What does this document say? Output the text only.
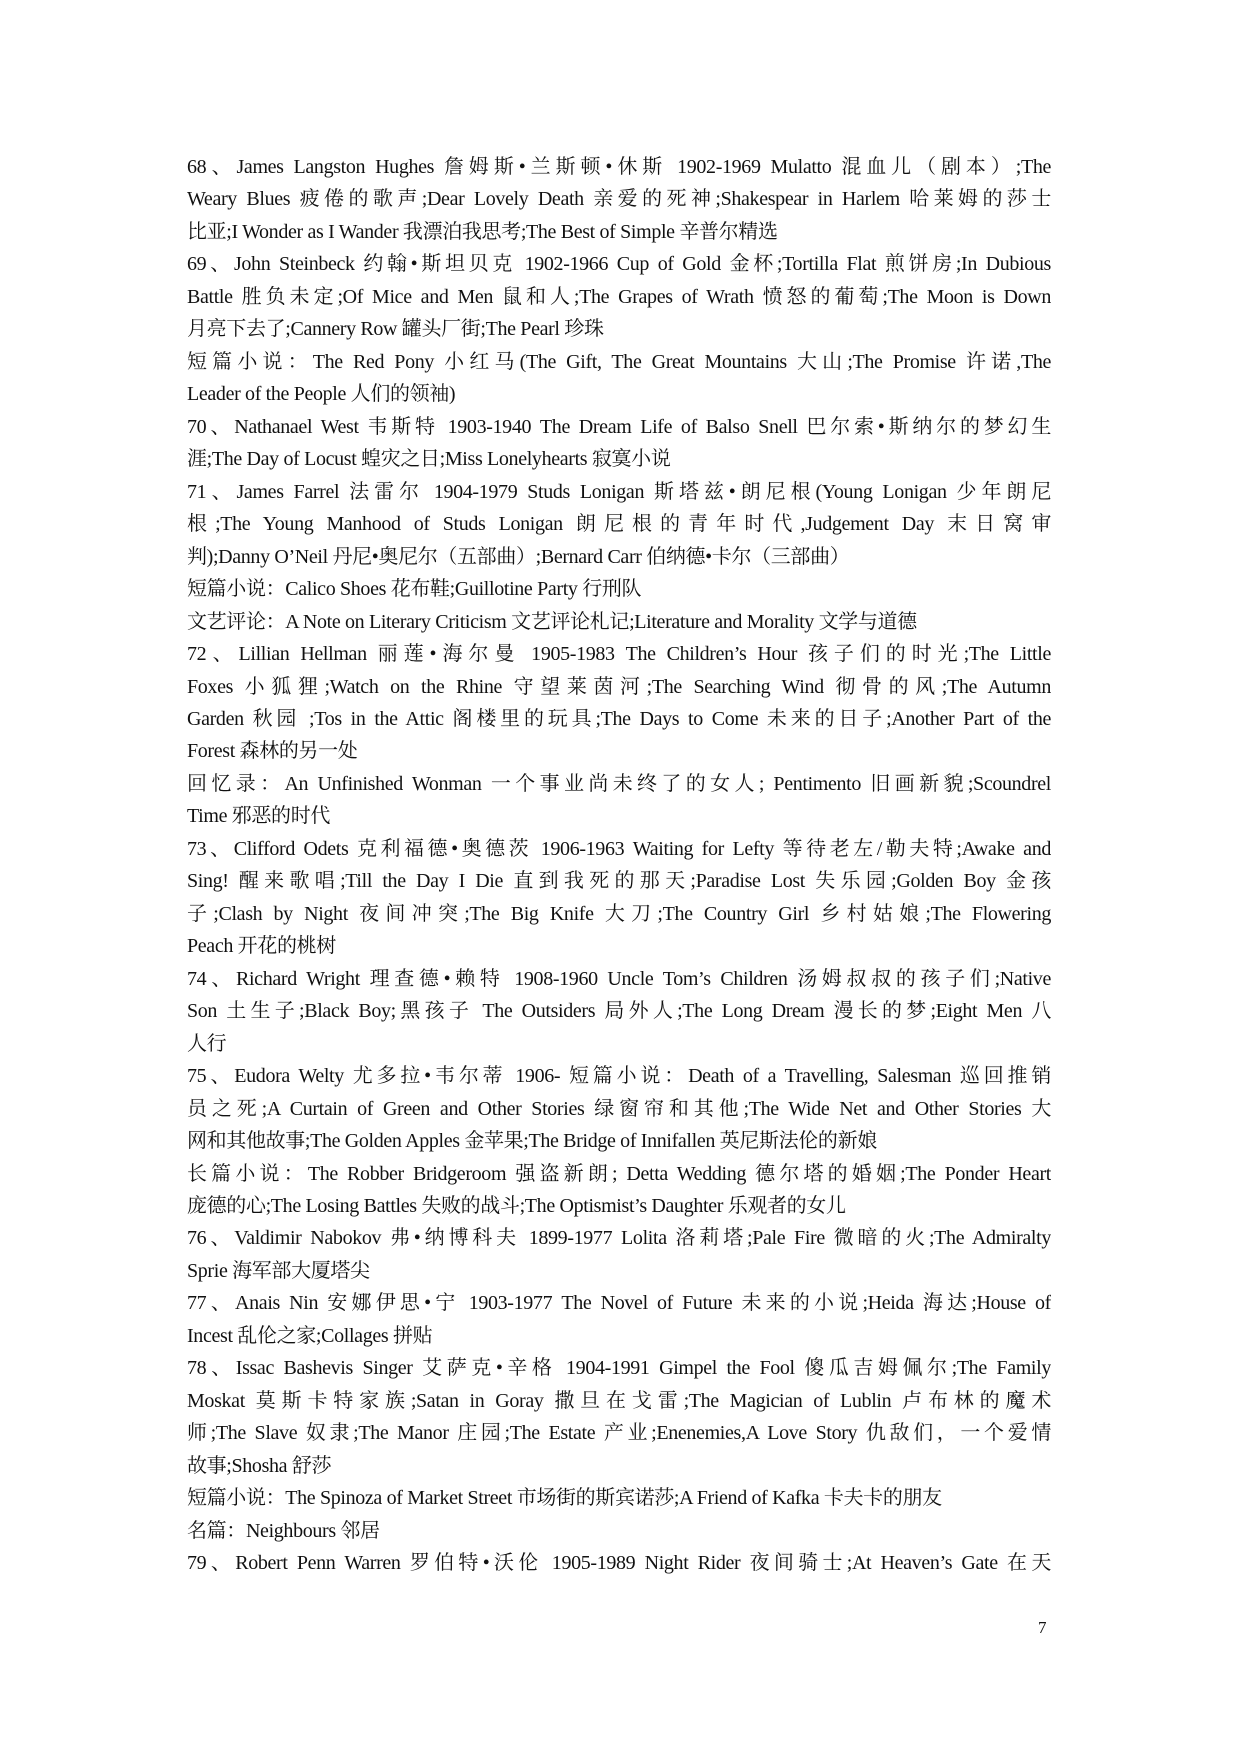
68、James Langston Hughes 詹姆斯•兰斯顿•休斯 1902-1969 Mulatto 混血儿（剧本）;The
Weary Blues 疲倦的歌声;Dear Lovely Death 亲爱的死神;Shakespear in Harlem 哈莱姆的莎士
比亚;I Wonder as I Wander 我漂泊我思考;The Best of Simple 辛普尔精选
69、John Steinbeck 约翰•斯坦贝克 1902-1966 Cup of Gold 金杯;Tortilla Flat 煎饼房;In Dubious
Battle 胜负未定;Of Mice and Men 鼠和人;The Grapes of Wrath 愤怒的葡萄;The Moon is Down
月亮下去了;Cannery Row 罐头厂街;The Pearl 珍珠
短篇小说：The Red Pony 小红马(The Gift, The Great Mountains 大山;The Promise 许诺,The
Leader of the People 人们的领袖)
70、Nathanael West 韦斯特 1903-1940 The Dream Life of Balso Snell 巴尔索•斯纳尔的梦幻生
涯;The Day of Locust 蝗灾之日;Miss Lonelyhearts 寂寞小说
71、James Farrel 法雷尔 1904-1979 Studs Lonigan 斯塔兹•朗尼根(Young Lonigan 少年朗尼
根;The Young Manhood of Studs Lonigan 朗尼根的青年时代,Judgement Day 末日窝审
判);Danny O’Neil 丹尼•奥尼尔（五部曲）;Bernard Carr 伯纳德•卡尔（三部曲）
短篇小说：Calico Shoes 花布鞋;Guillotine Party 行刑队
文艺评论：A Note on Literary Criticism 文艺评论札记;Literature and Morality 文学与道德
72、Lillian Hellman 丽莲•海尔曼 1905-1983 The Children’s Hour 孩子们的时光;The Little
Foxes 小狐狸;Watch on the Rhine 守望莱茵河;The Searching Wind 彻骨的风;The Autumn
Garden 秋园 ;Tos in the Attic 阁楼里的玩具;The Days to Come 未来的日子;Another Part of the
Forest 森林的另一处
回忆录：An Unfinished Wonman 一个事业尚未终了的女人; Pentimento 旧画新貌;Scoundrel
Time 邪恶的时代
73、Clifford Odets 克利福德•奥德茨 1906-1963 Waiting for Lefty 等待老左/勒夫特;Awake and
Sing! 醒来歌唱;Till the Day I Die 直到我死的那天;Paradise Lost 失乐园;Golden Boy 金孩
子;Clash by Night 夜间冲突;The Big Knife 大刀;The Country Girl 乡村姑娘;The Flowering
Peach 开花的桃树
74、Richard Wright 理查德•赖特 1908-1960 Uncle Tom’s Children 汤姆叔叔的孩子们;Native
Son 土生子;Black Boy;黑孩子 The Outsiders 局外人;The Long Dream 漫长的梦;Eight Men 八
人行
75、Eudora Welty 尤多拉•韦尔蒂 1906- 短篇小说：Death of a Travelling, Salesman 巡回推销
员之死;A Curtain of Green and Other Stories 绿窗帘和其他;The Wide Net and Other Stories 大
网和其他故事;The Golden Apples 金苹果;The Bridge of Innifallen 英尼斯法伦的新娘
长篇小说：The Robber Bridgeroom 强盗新朗; Detta Wedding 德尔塔的婚姻;The Ponder Heart
庞德的心;The Losing Battles 失败的战斗;The Optismist’s Daughter 乐观者的女儿
76、Valdimir Nabokov 弗•纳博科夫 1899-1977 Lolita 洛莉塔;Pale Fire 微暗的火;The Admiralty
Sprie 海军部大厦塔尖
77、Anais Nin 安娜伊思•宁 1903-1977 The Novel of Future 未来的小说;Heida 海达;House of
Incest 乱伦之家;Collages 拼贴
78、Issac Bashevis Singer 艾萨克•辛格 1904-1991 Gimpel the Fool 傻瓜吉姆佩尔;The Family
Moskat 莫斯卡特家族;Satan in Goray 撒旦在戈雷;The Magician of Lublin 卢布林的魔术
师;The Slave 奴隶;The Manor 庄园;The Estate 产业;Enenemies,A Love Story 仇敌们，一个爱情
故事;Shosha 舒莎
短篇小说：The Spinoza of Market Street 市场街的斯宾诺莎;A Friend of Kafka 卡夫卡的朋友
名篇：Neighbours 邻居
79、Robert Penn Warren 罗伯特•沃伦 1905-1989 Night Rider 夜间骑士;At Heaven’s Gate 在天
7
